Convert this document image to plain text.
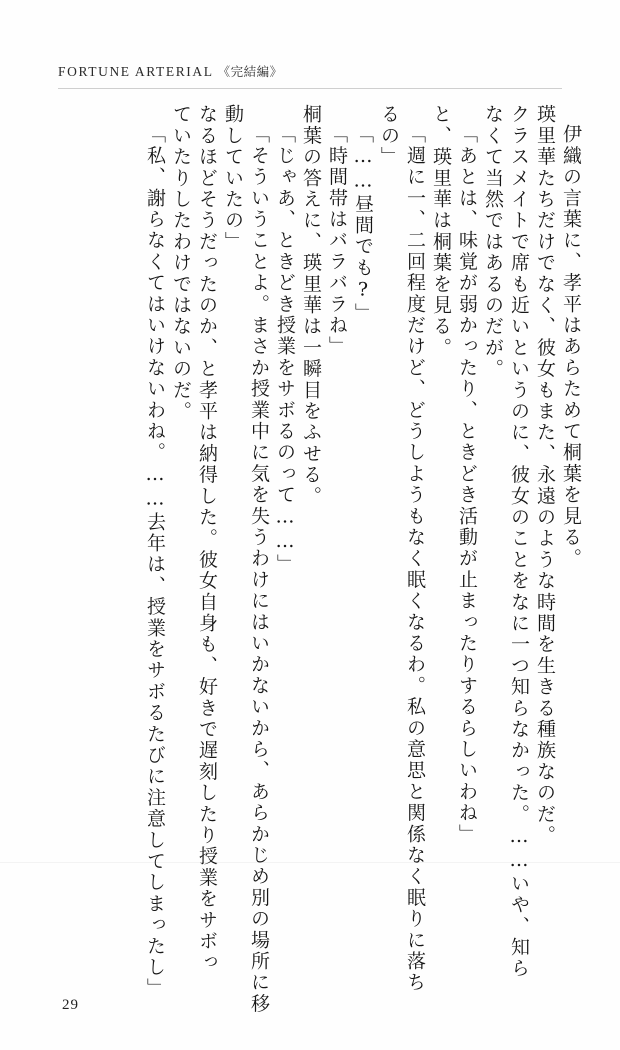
FORTUNE ARTERIAL 《完結編》
伊織の言葉に、孝平はあらためて桐葉を見る。
瑛里華たちだけでなく、彼女もまた、永遠のような時間を生きる種族なのだ。
クラスメイトで席も近いというのに、彼女のことをなに一つ知らなかった。……いや、知ら
なくて当然ではあるのだが。
「あとは、味覚が弱かったり、ときどき活動が止まったりするらしいわね」
と、瑛里華は桐葉を見る。
「週に一、二回程度だけど、どうしようもなく眠くなるわ。私の意思と関係なく眠りに落ち
るの」
「……昼間でも?」
「時間帯はバラバラね」
桐葉の答えに、瑛里華は一瞬目をふせる。
「じゃあ、ときどき授業をサボるのって……」
「そういうことよ。まさか授業中に気を失うわけにはいかないから、あらかじめ別の場所に移
動していたの」
なるほどそうだったのか、と孝平は納得した。彼女自身も、好きで遅刻したり授業をサボっ
ていたりしたわけではないのだ。
「私、謝らなくてはいけないわね。……去年は、授業をサボるたびに注意してしまったし」
29
